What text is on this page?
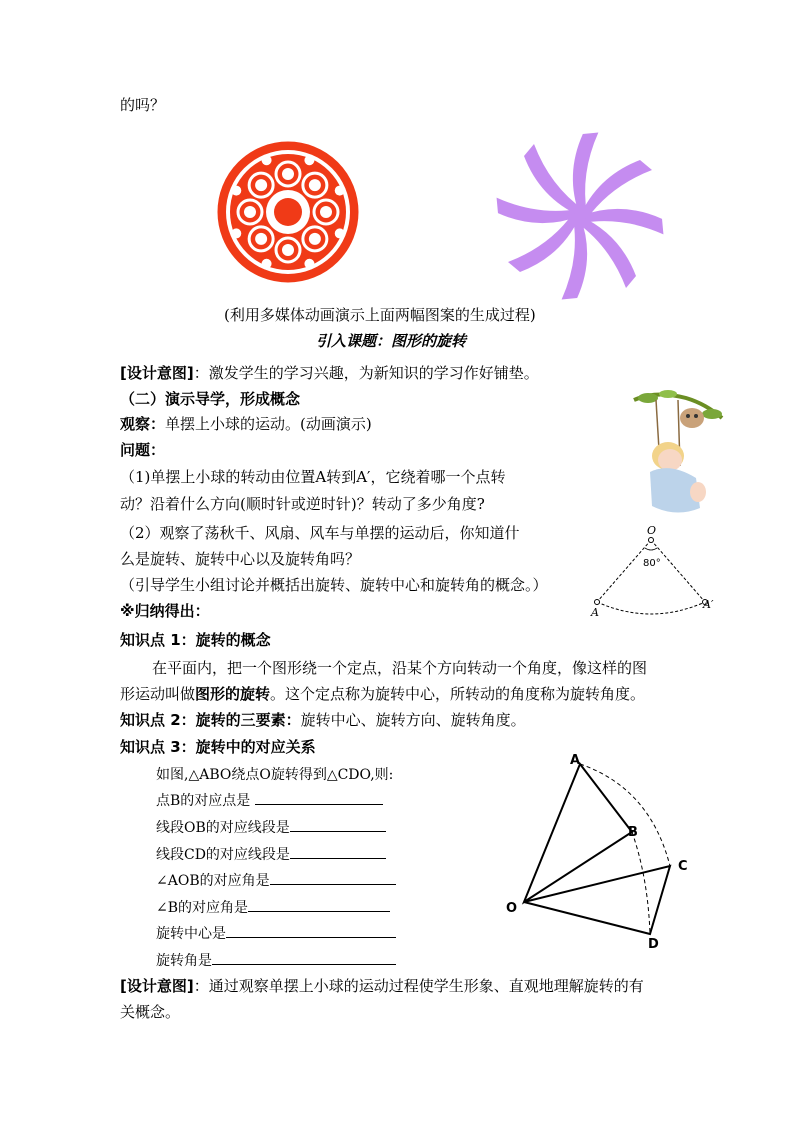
的吗？
(利用多媒体动画演示上面两幅图案的生成过程)
引入课题：图形的旋转
[设计意图]：激发学生的学习兴趣，为新知识的学习作好铺垫。
（二）演示导学，形成概念
观察：单摆上小球的运动。(动画演示)
问题：
（1)单摆上小球的转动由位置A转到A′，它绕着哪一个点转
动？沿着什么方向(顺时针或逆时针)？转动了多少角度?
（2）观察了荡秋千、风扇、风车与单摆的运动后，你知道什
么是旋转、旋转中心以及旋转角吗？
（引导学生小组讨论并概括出旋转、旋转中心和旋转角的概念。）
※归纳得出：
O
80°
A
A′
知识点 1：旋转的概念
在平面内，把一个图形绕一个定点，沿某个方向转动一个角度，像这样的图
形运动叫做图形的旋转。这个定点称为旋转中心，所转动的角度称为旋转角度。
知识点 2：旋转的三要素：旋转中心、旋转方向、旋转角度。
知识点 3：旋转中的对应关系
如图,△ABO绕点O旋转得到△CDO,则:
点B的对应点是
线段OB的对应线段是
线段CD的对应线段是
∠AOB的对应角是
∠B的对应角是
旋转中心是
旋转角是
A
B
C
D
O
[设计意图]：通过观察单摆上小球的运动过程使学生形象、直观地理解旋转的有
关概念。
